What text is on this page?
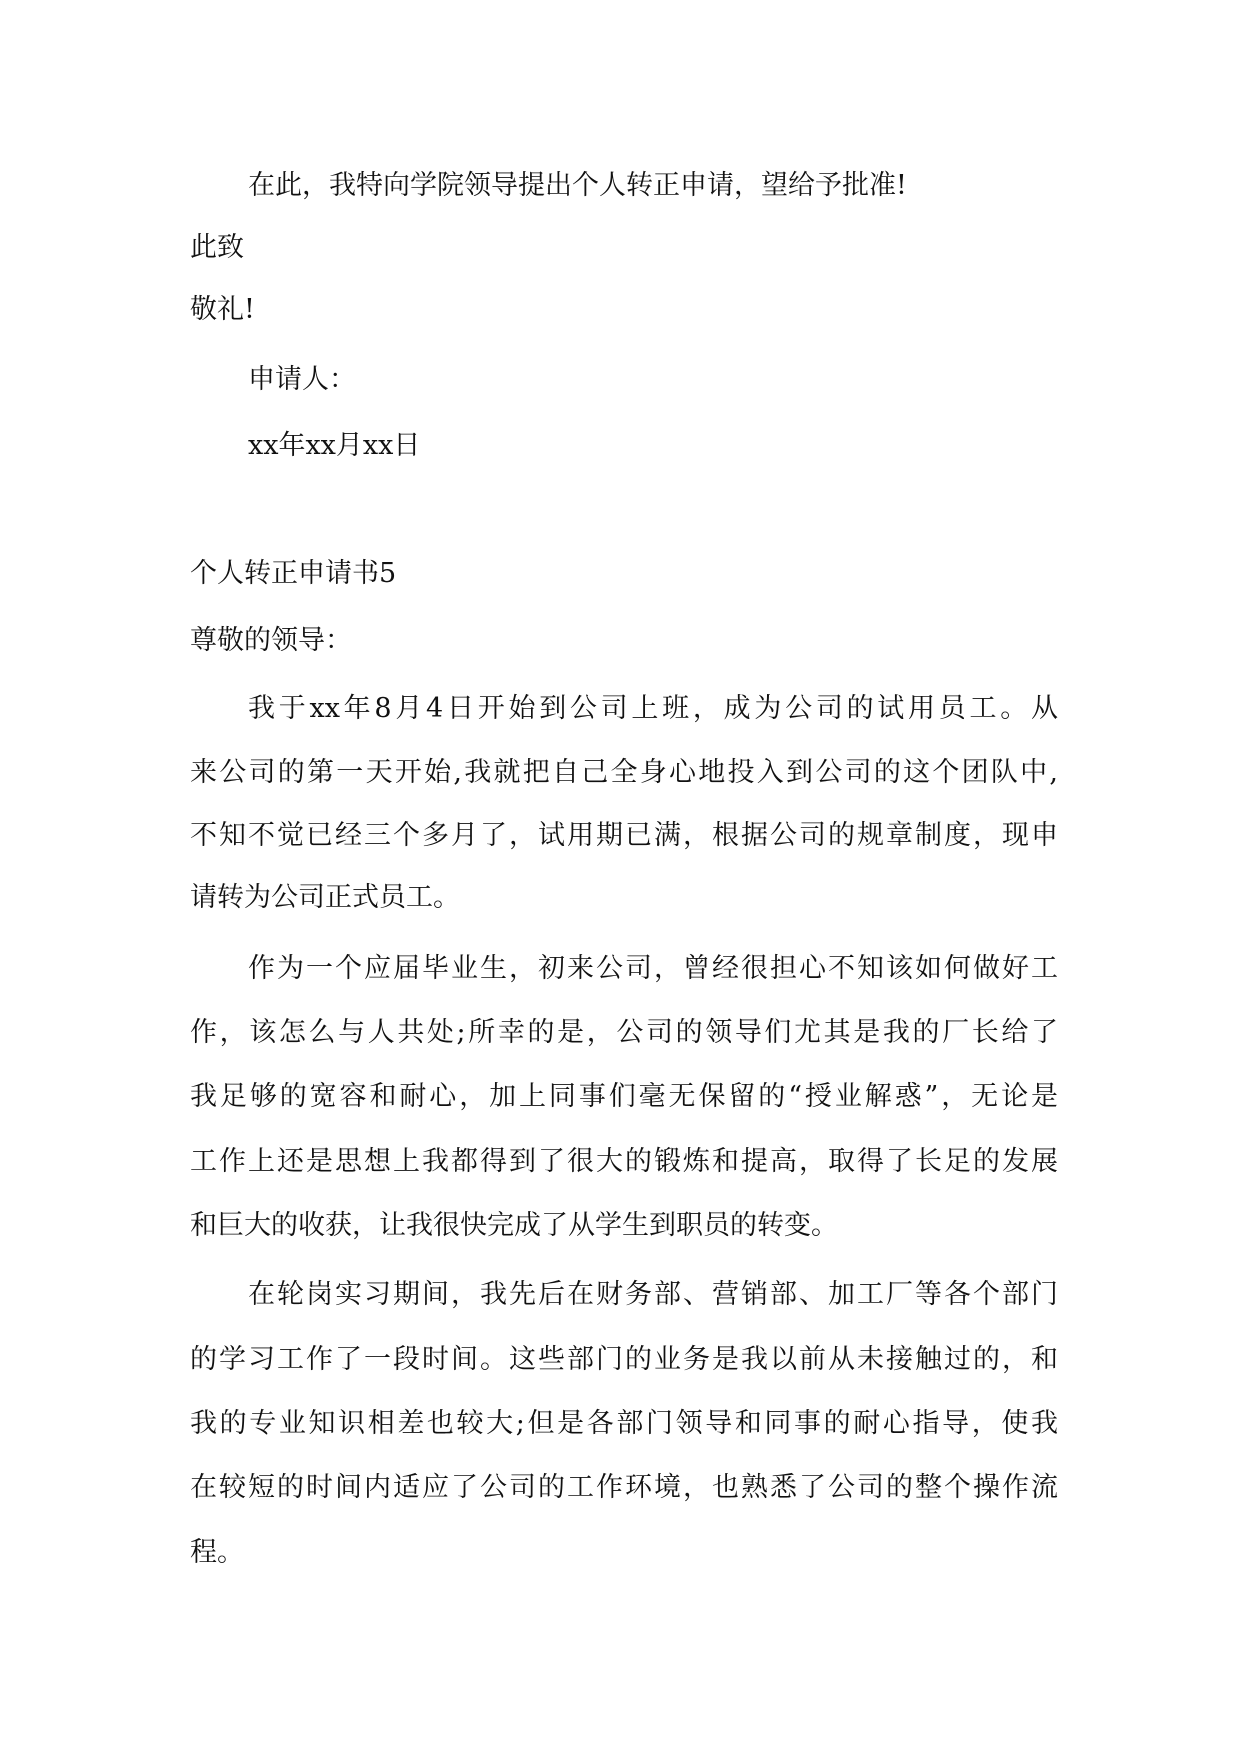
在此，我特向学院领导提出个人转正申请，望给予批准!

此致

敬礼!

申请人：

xx年xx月xx日

个人转正申请书5

尊敬的领导：

我于xx年8月4日开始到公司上班，成为公司的试用员工。从

来公司的第一天开始,我就把自己全身心地投入到公司的这个团队中,

不知不觉已经三个多月了，试用期已满，根据公司的规章制度，现申

请转为公司正式员工。

作为一个应届毕业生，初来公司，曾经很担心不知该如何做好工

作，该怎么与人共处;所幸的是，公司的领导们尤其是我的厂长给了

我足够的宽容和耐心，加上同事们毫无保留的“授业解惑”，无论是

工作上还是思想上我都得到了很大的锻炼和提高，取得了长足的发展

和巨大的收获，让我很快完成了从学生到职员的转变。

在轮岗实习期间，我先后在财务部、营销部、加工厂等各个部门

的学习工作了一段时间。这些部门的业务是我以前从未接触过的，和

我的专业知识相差也较大;但是各部门领导和同事的耐心指导，使我

在较短的时间内适应了公司的工作环境，也熟悉了公司的整个操作流

程。
